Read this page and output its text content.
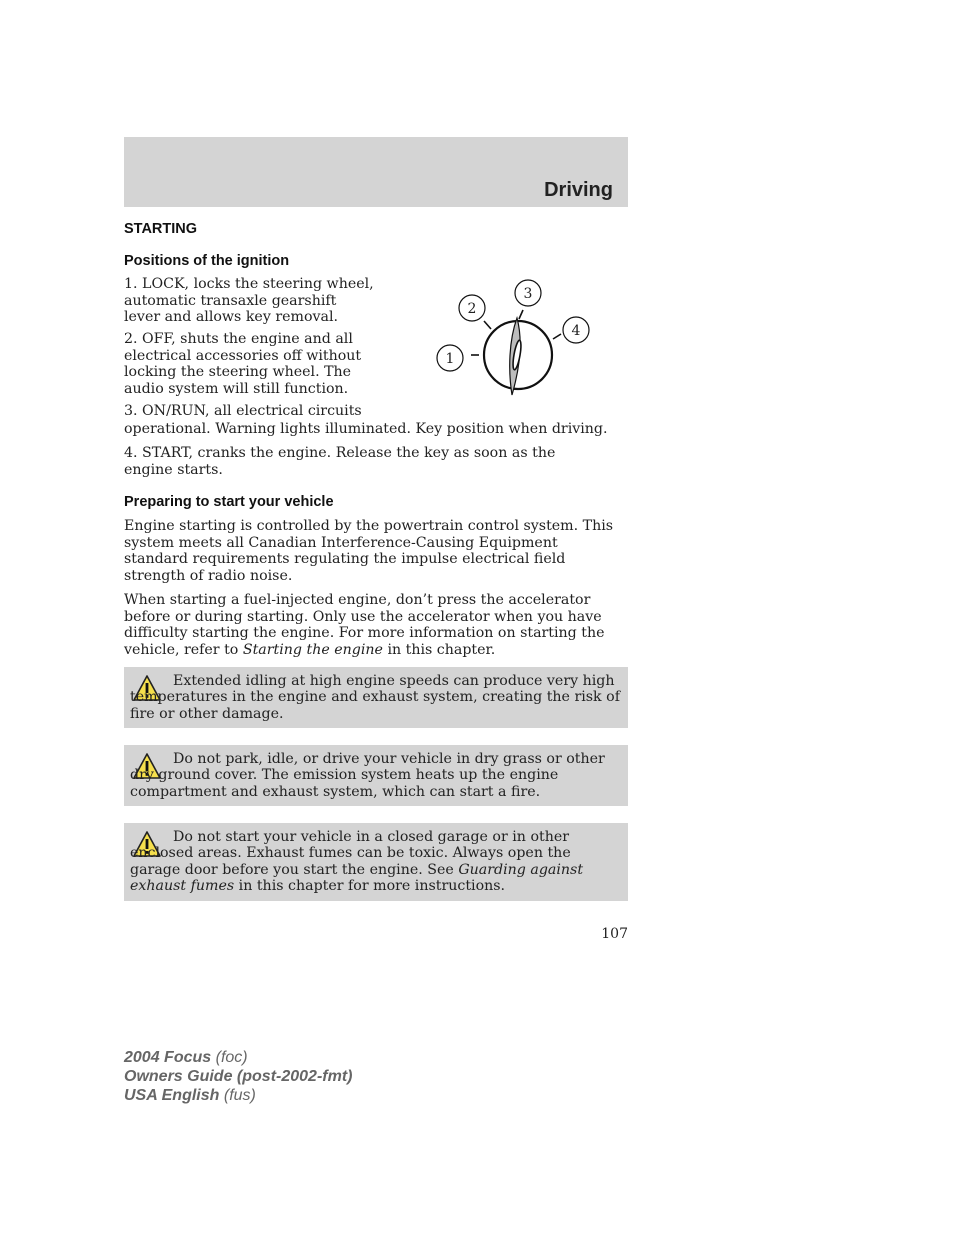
Driving
STARTING
Positions of the ignition

1. LOCK, locks the steering wheel, automatic transaxle gearshift lever and allows key removal.

2. OFF, shuts the engine and all electrical accessories off without locking the steering wheel. The audio system will still function.

3. ON/RUN, all electrical circuits

operational. Warning lights illuminated. Key position when driving.

4. START, cranks the engine. Release the key as soon as the engine starts.

1
2
3
4
Preparing to start your vehicle

Engine starting is controlled by the powertrain control system. This system meets all Canadian Interference-Causing Equipment standard requirements regulating the impulse electrical field strength of radio noise.

When starting a fuel-injected engine, don’t press the accelerator before or during starting. Only use the accelerator when you have difficulty starting the engine. For more information on starting the vehicle, refer to Starting the engine in this chapter.

Extended idling at high engine speeds can produce very high temperatures in the engine and exhaust system, creating the risk of fire or other damage.

Do not park, idle, or drive your vehicle in dry grass or other dry ground cover. The emission system heats up the engine compartment and exhaust system, which can start a fire.

Do not start your vehicle in a closed garage or in other enclosed areas. Exhaust fumes can be toxic. Always open the garage door before you start the engine. See Guarding against exhaust fumes in this chapter for more instructions.

107
2004 Focus (foc)
Owners Guide (post-2002-fmt)
USA English (fus)
